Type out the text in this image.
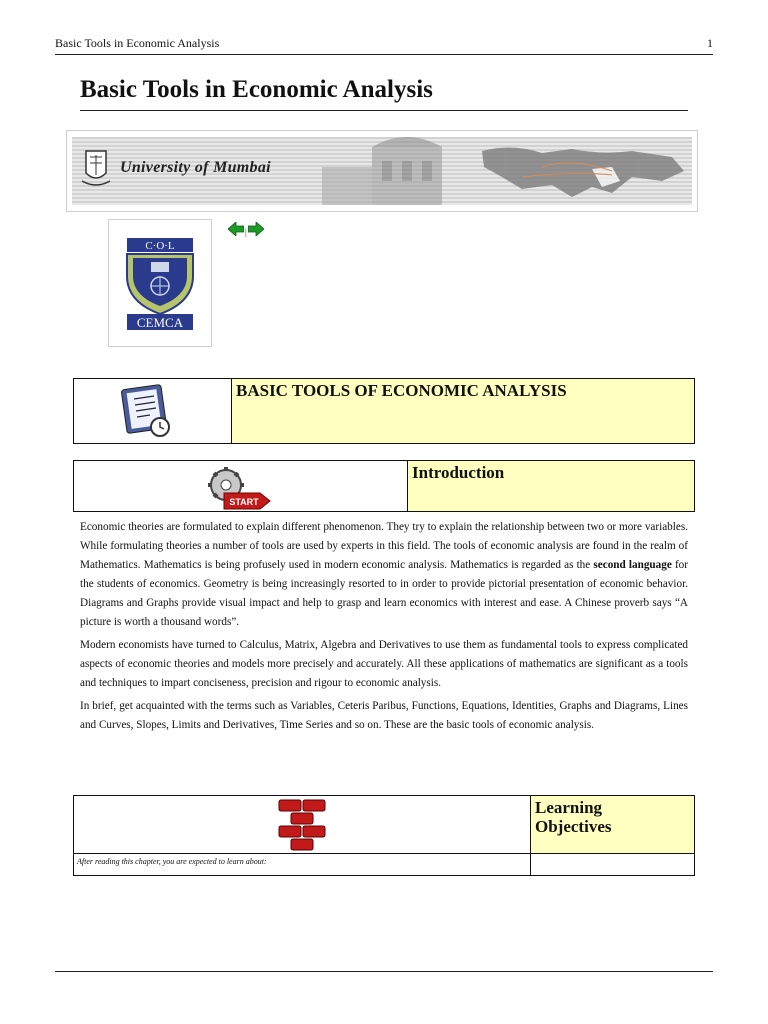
Basic Tools in Economic Analysis	1
Basic Tools in Economic Analysis
University of Mumbai
C·O·L
CEMCA
|
BASIC TOOLS OF ECONOMIC ANALYSIS
START
Introduction

Economic theories are formulated to explain different phenomenon. They try to explain the relationship between two or more variables. While formulating theories a number of tools are used by experts in this field. The tools of economic analysis are found in the realm of Mathematics. Mathematics is being profusely used in modern economic analysis. Mathematics is regarded as the second language for the students of economics. Geometry is being increasingly resorted to in order to provide pictorial presentation of economic behavior. Diagrams and Graphs provide visual impact and help to grasp and learn economics with interest and ease. A Chinese proverb says “A picture is worth a thousand words”.

Modern economists have turned to Calculus, Matrix, Algebra and Derivatives to use them as fundamental tools to express complicated aspects of economic theories and models more precisely and accurately. All these applications of mathematics are significant as a tools and techniques to impart conciseness, precision and rigour to economic analysis.

In brief, get acquainted with the terms such as Variables, Ceteris Paribus, Functions, Equations, Identities, Graphs and Diagrams, Lines and Curves, Slopes, Limits and Derivatives, Time Series and so on. These are the basic tools of economic analysis.

Learning
Objectives
After reading this chapter, you are expected to learn about:
